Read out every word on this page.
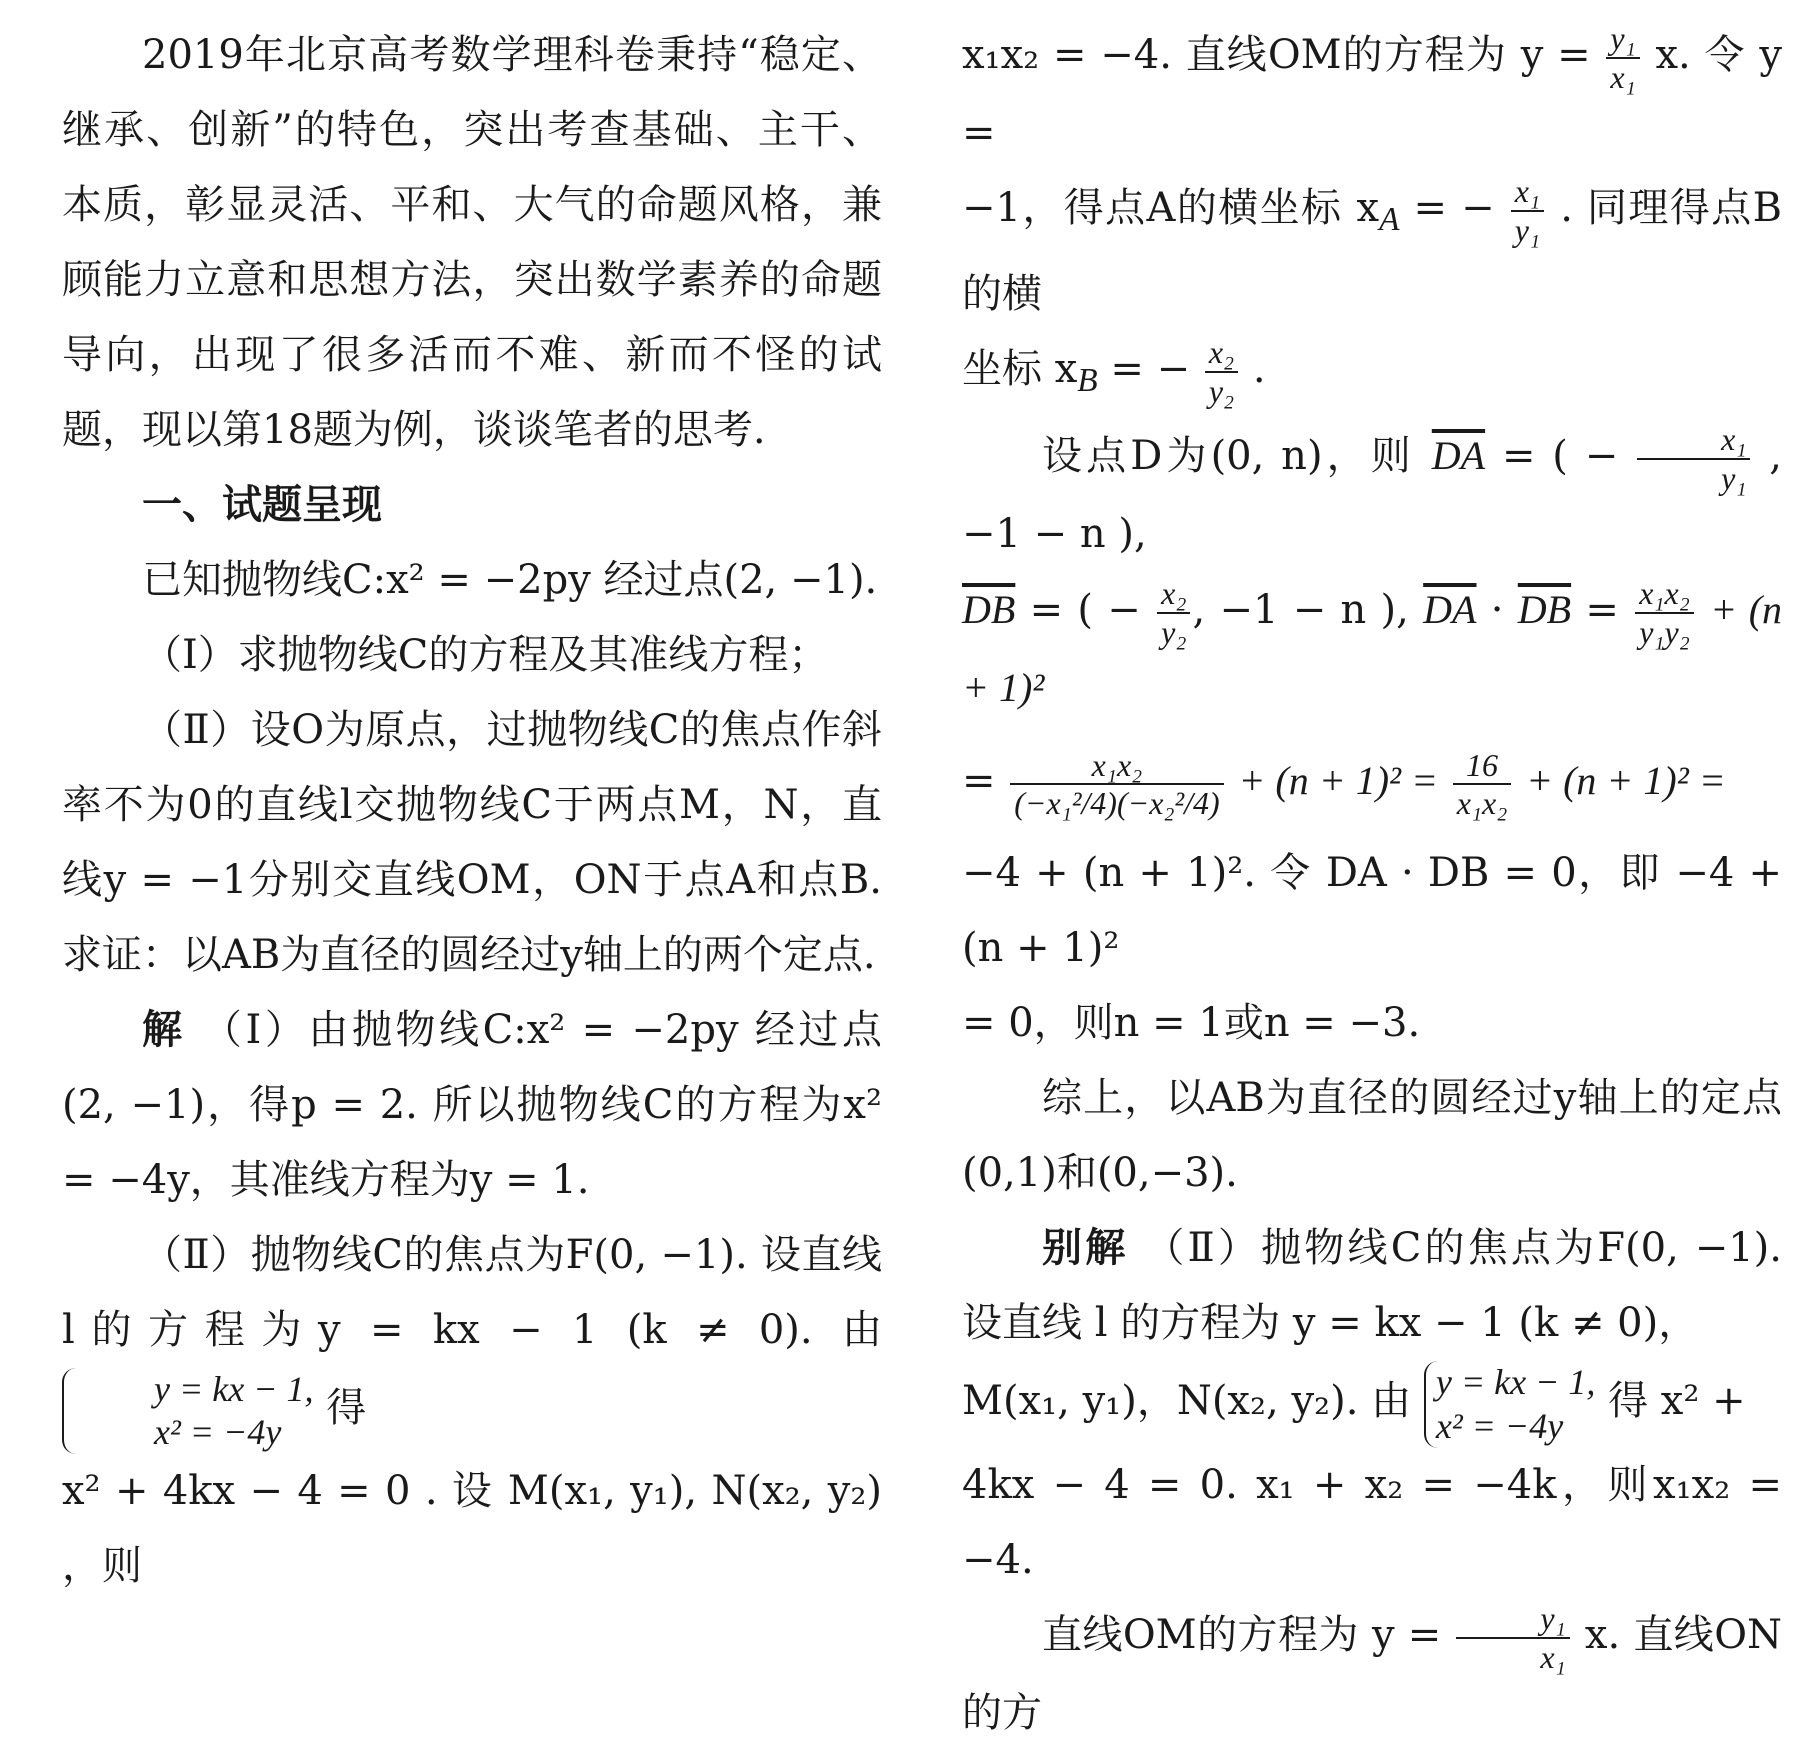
2019年北京高考数学理科卷秉持“稳定、继承、创新”的特色，突出考查基础、主干、本质，彰显灵活、平和、大气的命题风格，兼顾能力立意和思想方法，突出数学素养的命题导向，出现了很多活而不难、新而不怪的试题，现以第18题为例，谈谈笔者的思考.

一、试题呈现

已知抛物线C:x² = −2py 经过点(2, −1).

（Ⅰ）求抛物线C的方程及其准线方程；

（Ⅱ）设O为原点，过抛物线C的焦点作斜率不为0的直线l交抛物线C于两点M，N，直线y = −1分别交直线OM，ON于点A和点B.求证：以AB为直径的圆经过y轴上的两个定点.

解 （Ⅰ）由抛物线C:x² = −2py 经过点(2, −1)，得p = 2. 所以抛物线C的方程为x² = −4y，其准线方程为y = 1.

（Ⅱ）抛物线C的焦点为F(0, −1). 设直线l的方程为y = kx − 1 (k ≠ 0). 由
y = kx − 1,
x² = −4y
得

x² + 4kx − 4 = 0 . 设 M(x₁, y₁), N(x₂, y₂) ，则

x₁x₂ = −4. 直线OM的方程为 $y = \frac{\text{y₁}}{\text{x₁}} x$. 令 y =

−1，得点A的横坐标 $x_A$ = − $\frac{\text{x₁}}{\text{y₁}}$ . 同理得点B的横

坐标 $x_B$ = − $\frac{\text{x₂}}{\text{y₂}}$ .

设点D为(0, n)，则 $\overline{DA}$ = ( − $\frac{\text{x₁}}{\text{y₁}}$ , −1 − n ),

$\overline{DB}$ = ( − $\frac{\text{x₂}}{\text{y₂}}$ , −1 − n ), $\overline{DA} \cdot \overline{DB} = \frac{\text{x₁x₂}}{\text{y₁y₂}} + (n + 1)^2$

= $\frac{\text{x₁x₂}}{\text{(−x₁²/4)(−x₂²/4)}} + (n + 1)^2 = \frac{16}{\text{x₁x₂}} + (n + 1)^2$ =

−4 + (n + 1)². 令 DA · DB = 0，即 −4 + (n + 1)²

= 0，则n = 1或n = −3.

综上，以AB为直径的圆经过y轴上的定点(0,1)和(0,−3).

别解 （Ⅱ）抛物线C的焦点为F(0, −1). 设直线 l 的方程为 y = kx − 1 (k ≠ 0)，

M(x₁, y₁)，N(x₂, y₂). 由 y = kx − 1,
x² = −4y
得 x² +

4kx − 4 = 0. x₁ + x₂ = −4k，则x₁x₂ = −4.

直线OM的方程为 $y = \frac{\text{y₁}}{\text{x₁}} x$. 直线ON的方
